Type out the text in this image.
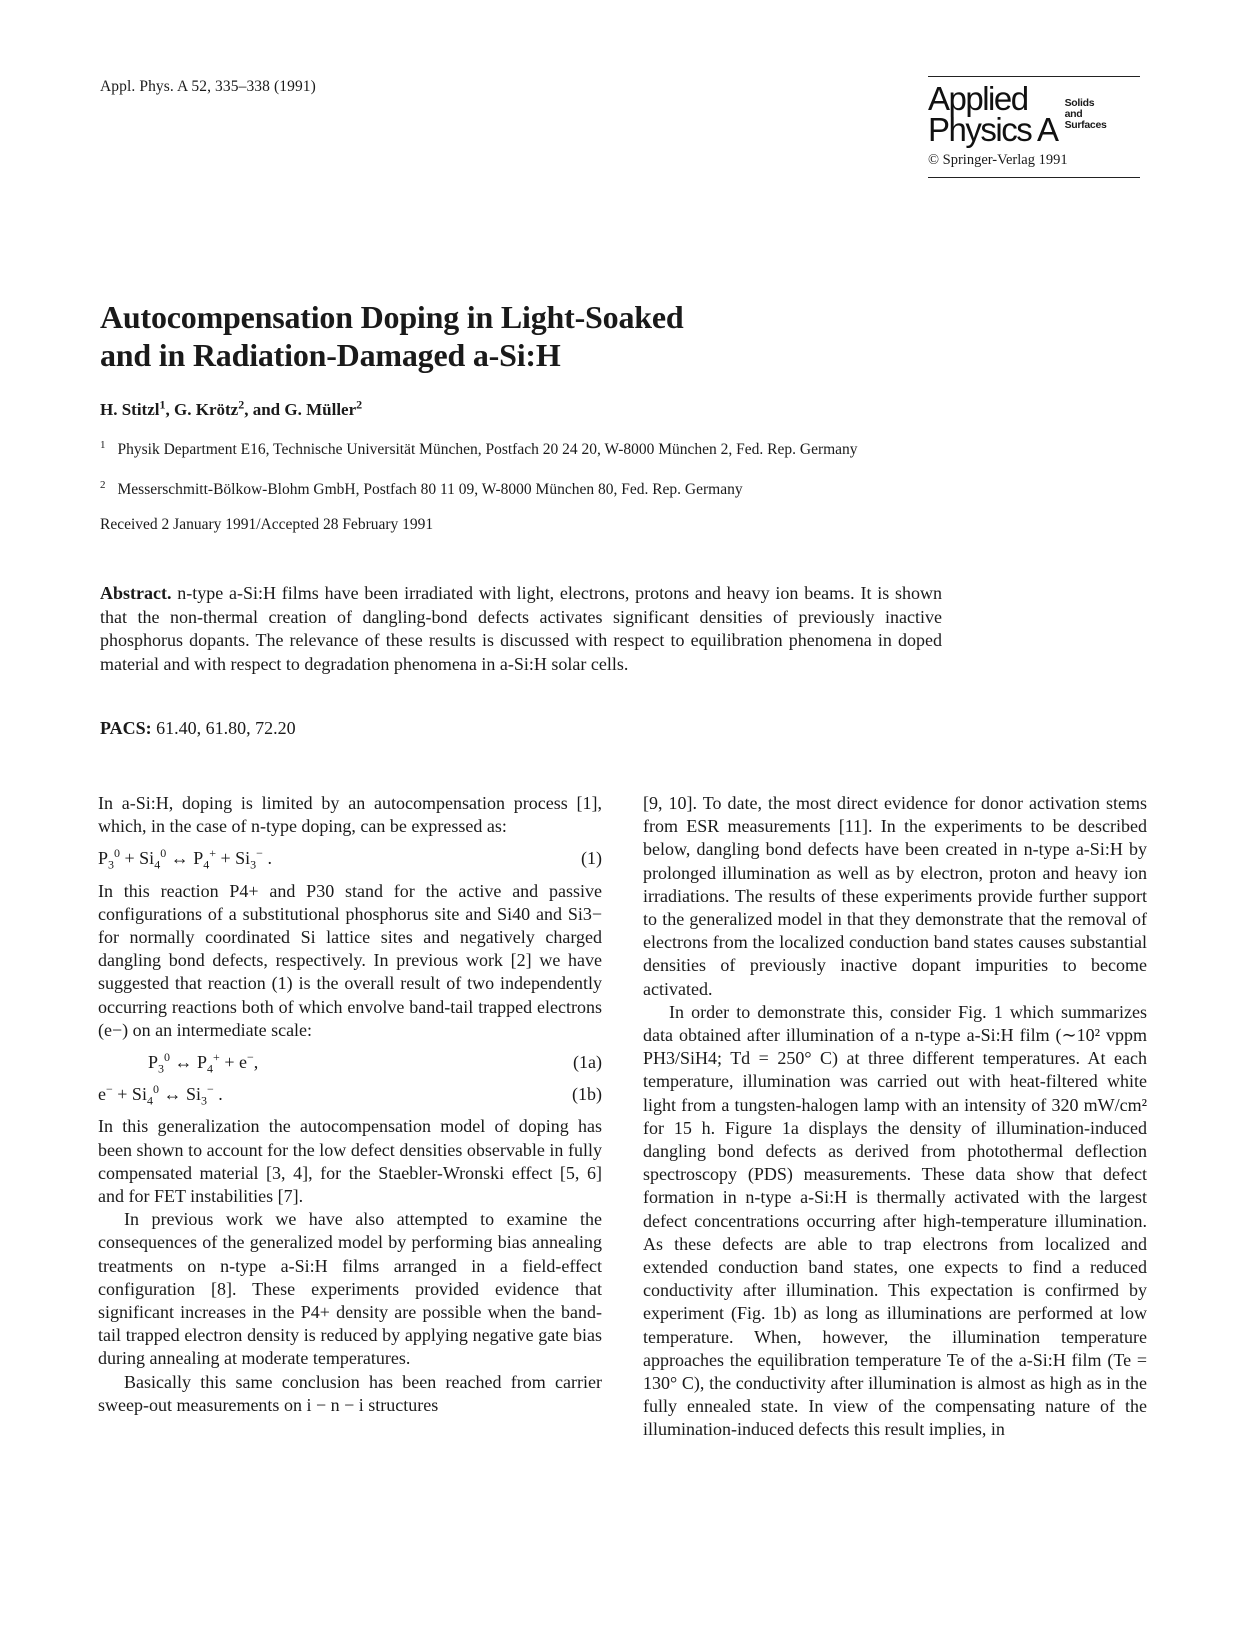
Appl. Phys. A 52, 335–338 (1991)	Applied
Physics A
Solids
and
Surfaces
© Springer-Verlag 1991
Autocompensation Doping in Light-Soaked
and in Radiation-Damaged a-Si:H
H. Stitzl$^1$, G. Krötz$^2$, and G. Müller$^2$
$^1$ Physik Department E16, Technische Universität München, Postfach 20 24 20, W-8000 München 2, Fed. Rep. Germany
$^2$ Messerschmitt-Bölkow-Blohm GmbH, Postfach 80 11 09, W-8000 München 80, Fed. Rep. Germany
Received 2 January 1991/Accepted 28 February 1991
Abstract. n-type a-Si:H films have been irradiated with light, electrons, protons and heavy ion beams. It is shown that the non-thermal creation of dangling-bond defects activates significant densities of previously inactive phosphorus dopants. The relevance of these results is discussed with respect to equilibration phenomena in doped material and with respect to degradation phenomena in a-Si:H solar cells.
PACS: 61.40, 61.80, 72.20

In a-Si:H, doping is limited by an autocompensation process [1], which, in the case of n-type doping, can be expressed as:

$P_3^0 + Si_4^0$ ↔ $P_4^+ + Si_3^-$ .	(1)

In this reaction P4+ and P30 stand for the active and passive configurations of a substitutional phosphorus site and Si40 and Si3− for normally coordinated Si lattice sites and negatively charged dangling bond defects, respectively. In previous work [2] we have suggested that reaction (1) is the overall result of two independently occurring reactions both of which envolve band-tail trapped electrons (e−) on an intermediate scale:

$P_3^0$ ↔ $P_4^+ + e^-$,	(1a)
$e^- + Si_4^0$ ↔ $Si_3^-$ .	(1b)

In this generalization the autocompensation model of doping has been shown to account for the low defect densities observable in fully compensated material [3, 4], for the Staebler-Wronski effect [5, 6] and for FET instabilities [7].

In previous work we have also attempted to examine the consequences of the generalized model by performing bias annealing treatments on n-type a-Si:H films arranged in a field-effect configuration [8]. These experiments provided evidence that significant increases in the P4+ density are possible when the band-tail trapped electron density is reduced by applying negative gate bias during annealing at moderate temperatures.

Basically this same conclusion has been reached from carrier sweep-out measurements on i − n − i structures

[9, 10]. To date, the most direct evidence for donor activation stems from ESR measurements [11]. In the experiments to be described below, dangling bond defects have been created in n-type a-Si:H by prolonged illumination as well as by electron, proton and heavy ion irradiations. The results of these experiments provide further support to the generalized model in that they demonstrate that the removal of electrons from the localized conduction band states causes substantial densities of previously inactive dopant impurities to become activated.

In order to demonstrate this, consider Fig. 1 which summarizes data obtained after illumination of a n-type a-Si:H film (∼10² vppm PH3/SiH4; Td = 250° C) at three different temperatures. At each temperature, illumination was carried out with heat-filtered white light from a tungsten-halogen lamp with an intensity of 320 mW/cm² for 15 h. Figure 1a displays the density of illumination-induced dangling bond defects as derived from photothermal deflection spectroscopy (PDS) measurements. These data show that defect formation in n-type a-Si:H is thermally activated with the largest defect concentrations occurring after high-temperature illumination. As these defects are able to trap electrons from localized and extended conduction band states, one expects to find a reduced conductivity after illumination. This expectation is confirmed by experiment (Fig. 1b) as long as illuminations are performed at low temperature. When, however, the illumination temperature approaches the equilibration temperature Te of the a-Si:H film (Te = 130° C), the conductivity after illumination is almost as high as in the fully ennealed state. In view of the compensating nature of the illumination-induced defects this result implies, in
